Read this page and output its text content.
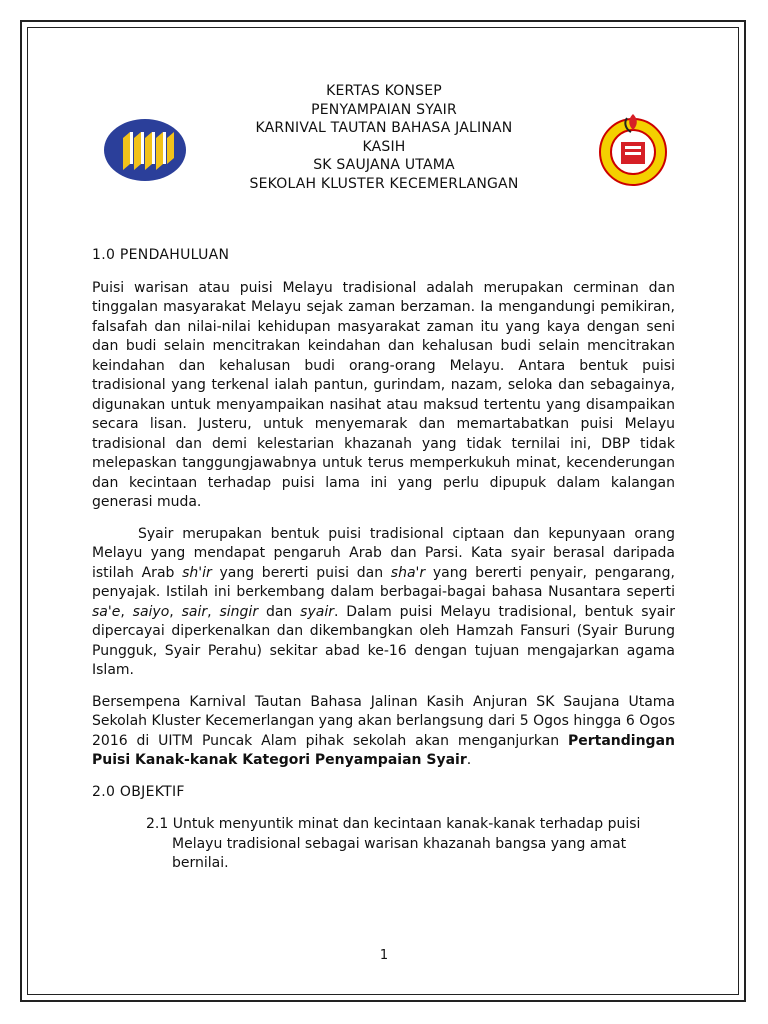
KERTAS KONSEP
PENYAMPAIAN SYAIR
KARNIVAL TAUTAN BAHASA JALINAN
KASIH
SK SAUJANA UTAMA
SEKOLAH KLUSTER KECEMERLANGAN
1.0 PENDAHULUAN

Puisi warisan atau puisi Melayu tradisional adalah merupakan cerminan dan tinggalan masyarakat Melayu sejak zaman berzaman. Ia mengandungi pemikiran, falsafah dan nilai-nilai kehidupan masyarakat zaman itu yang kaya dengan seni dan budi selain mencitrakan keindahan dan kehalusan budi selain mencitrakan keindahan dan kehalusan budi orang-orang Melayu. Antara bentuk puisi tradisional yang terkenal ialah pantun, gurindam, nazam, seloka dan sebagainya, digunakan untuk menyampaikan nasihat atau maksud tertentu yang disampaikan secara lisan. Justeru, untuk menyemarak dan memartabatkan puisi Melayu tradisional dan demi kelestarian khazanah yang tidak ternilai ini, DBP tidak melepaskan tanggungjawabnya untuk terus memperkukuh minat, kecenderungan dan kecintaan terhadap puisi lama ini yang perlu dipupuk dalam kalangan generasi muda.

Syair merupakan bentuk puisi tradisional ciptaan dan kepunyaan orang Melayu yang mendapat pengaruh Arab dan Parsi. Kata syair berasal daripada istilah Arab sh'ir yang bererti puisi dan sha'r yang bererti penyair, pengarang, penyajak. Istilah ini berkembang dalam berbagai-bagai bahasa Nusantara seperti sa'e, saiyo, sair, singir dan syair. Dalam puisi Melayu tradisional, bentuk syair dipercayai diperkenalkan dan dikembangkan oleh Hamzah Fansuri (Syair Burung Pungguk, Syair Perahu) sekitar abad ke-16 dengan tujuan mengajarkan agama Islam.

Bersempena Karnival Tautan Bahasa Jalinan Kasih Anjuran SK Saujana Utama Sekolah Kluster Kecemerlangan yang akan berlangsung dari 5 Ogos hingga 6 Ogos 2016 di UITM Puncak Alam pihak sekolah akan menganjurkan Pertandingan Puisi Kanak-kanak Kategori Penyampaian Syair.

2.0 OBJEKTIF

2.1 Untuk menyuntik minat dan kecintaan kanak-kanak terhadap puisi

Melayu tradisional sebagai warisan khazanah bangsa yang amat bernilai.

1
